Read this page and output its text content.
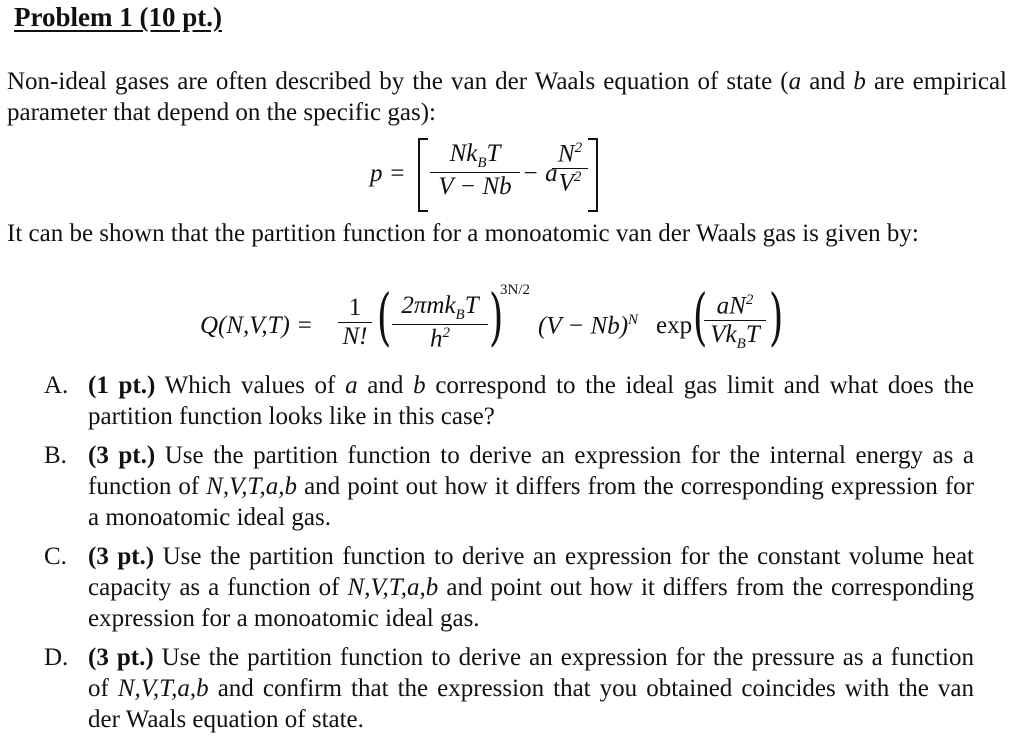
Problem 1 (10 pt.)
Non-ideal gases are often described by the van der Waals equation of state (a and b are empirical parameter that depend on the specific gas):
p =
$Nk_BT$
V − Nb − a
$\frac{N^2}{V^2}$
It can be shown that the partition function for a monoatomic van der Waals gas is given by:
$Q(N,V,T) = \frac{1}{N!}$ ( 2πmk$_B$T
$h^2$ )
3N/2
$(V - Nb)^N$ exp ( $aN^2$
$Vk_BT$ )
A. (1 pt.) Which values of a and b correspond to the ideal gas limit and what does the partition function looks like in this case?
B. (3 pt.) Use the partition function to derive an expression for the internal energy as a function of N,V,T,a,b and point out how it differs from the corresponding expression for a monoatomic ideal gas.
C. (3 pt.) Use the partition function to derive an expression for the constant volume heat capacity as a function of N,V,T,a,b and point out how it differs from the corresponding expression for a monoatomic ideal gas.
D. (3 pt.) Use the partition function to derive an expression for the pressure as a function of N,V,T,a,b and confirm that the expression that you obtained coincides with the van der Waals equation of state.
